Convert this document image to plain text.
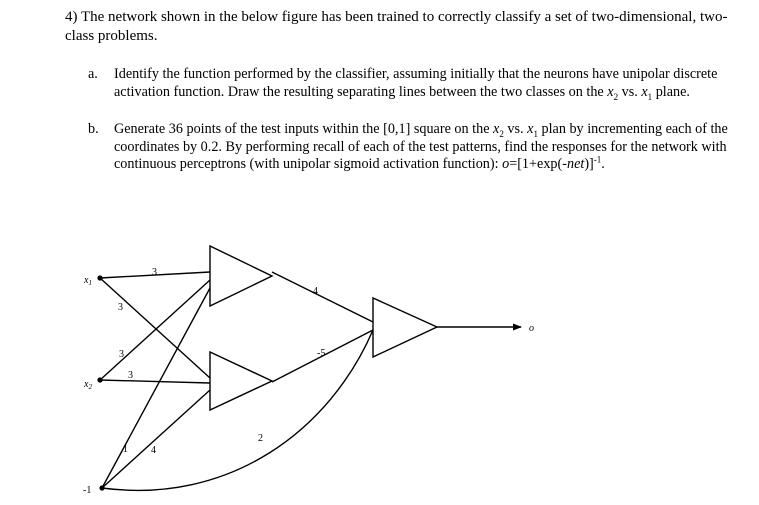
4) The network shown in the below figure has been trained to correctly classify a set of two-dimensional, two-class problems.
a. Identify the function performed by the classifier, assuming initially that the neurons have unipolar discrete activation function. Draw the resulting separating lines between the two classes on the $x_2$ vs. $x_1$ plane.
b. Generate 36 points of the test inputs within the [0,1] square on the $x_2$ vs. $x_1$ plan by incrementing each of the coordinates by 0.2. By performing recall of each of the test patterns, find the responses for the network with continuous perceptrons (with unipolar sigmoid activation function): $o=[1+\exp(-net)]^{-1}$.
$x_1$
$x_2$
-1
o
3
3
3
3
4
1
4
-5
2
